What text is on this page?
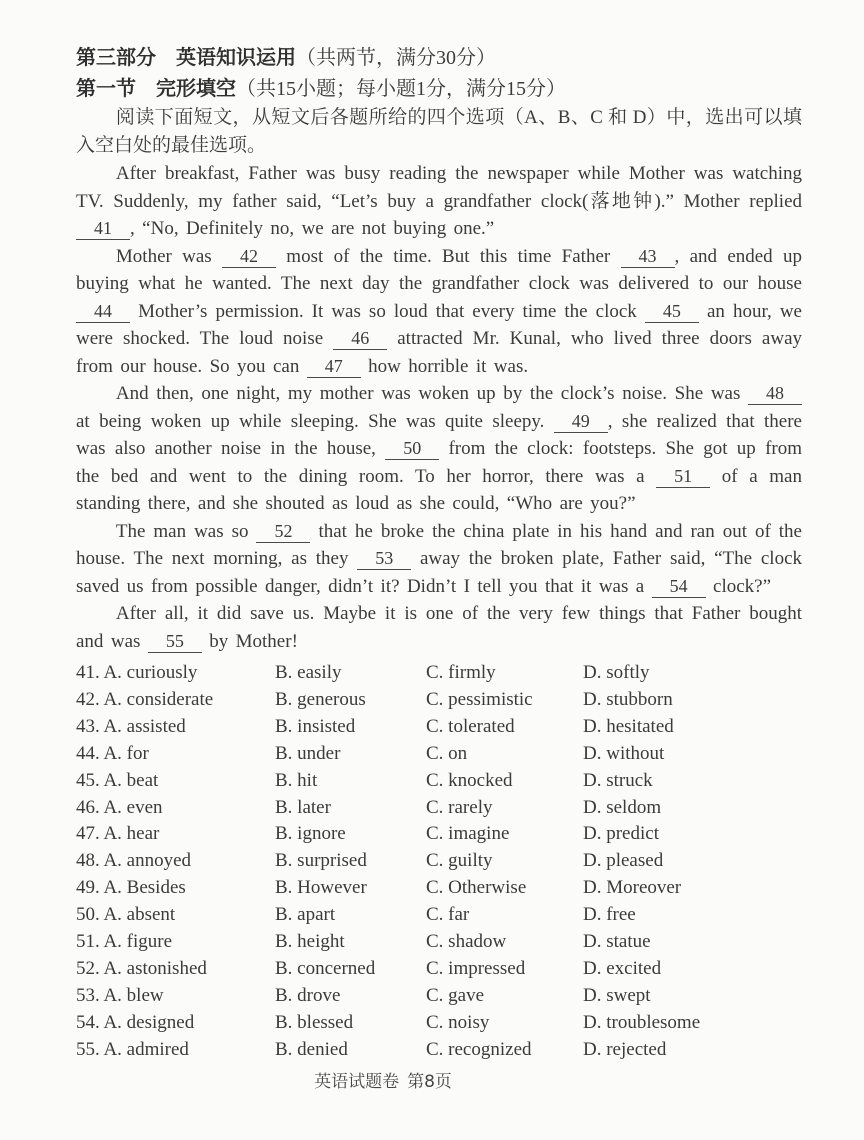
第三部分 英语知识运用（共两节，满分30分）
第一节 完形填空（共15小题；每小题1分，满分15分）

阅读下面短文，从短文后各题所给的四个选项（A、B、C 和 D）中，选出可以填入空白处的最佳选项。

After breakfast, Father was busy reading the newspaper while Mother was watching TV. Suddenly, my father said, “Let’s buy a grandfather clock(落地钟).” Mother replied 41 , “No, Definitely no, we are not buying one.”

Mother was 42 most of the time. But this time Father 43 , and ended up buying what he wanted. The next day the grandfather clock was delivered to our house 44 Mother’s permission. It was so loud that every time the clock 45 an hour, we were shocked. The loud noise 46 attracted Mr. Kunal, who lived three doors away from our house. So you can 47 how horrible it was.

And then, one night, my mother was woken up by the clock’s noise. She was 48 at being woken up while sleeping. She was quite sleepy. 49 , she realized that there was also another noise in the house, 50 from the clock: footsteps. She got up from the bed and went to the dining room. To her horror, there was a 51 of a man standing there, and she shouted as loud as she could, “Who are you?”

The man was so 52 that he broke the china plate in his hand and ran out of the house. The next morning, as they 53 away the broken plate, Father said, “The clock saved us from possible danger, didn’t it? Didn’t I tell you that it was a 54 clock?”

After all, it did save us. Maybe it is one of the very few things that Father bought and was 55 by Mother!

41. A. curiously	B. easily	C. firmly	D. softly
42. A. considerate	B. generous	C. pessimistic	D. stubborn
43. A. assisted	B. insisted	C. tolerated	D. hesitated
44. A. for	B. under	C. on	D. without
45. A. beat	B. hit	C. knocked	D. struck
46. A. even	B. later	C. rarely	D. seldom
47. A. hear	B. ignore	C. imagine	D. predict
48. A. annoyed	B. surprised	C. guilty	D. pleased
49. A. Besides	B. However	C. Otherwise	D. Moreover
50. A. absent	B. apart	C. far	D. free
51. A. figure	B. height	C. shadow	D. statue
52. A. astonished	B. concerned	C. impressed	D. excited
53. A. blew	B. drove	C. gave	D. swept
54. A. designed	B. blessed	C. noisy	D. troublesome
55. A. admired	B. denied	C. recognized	D. rejected
英语试题卷 第8页
